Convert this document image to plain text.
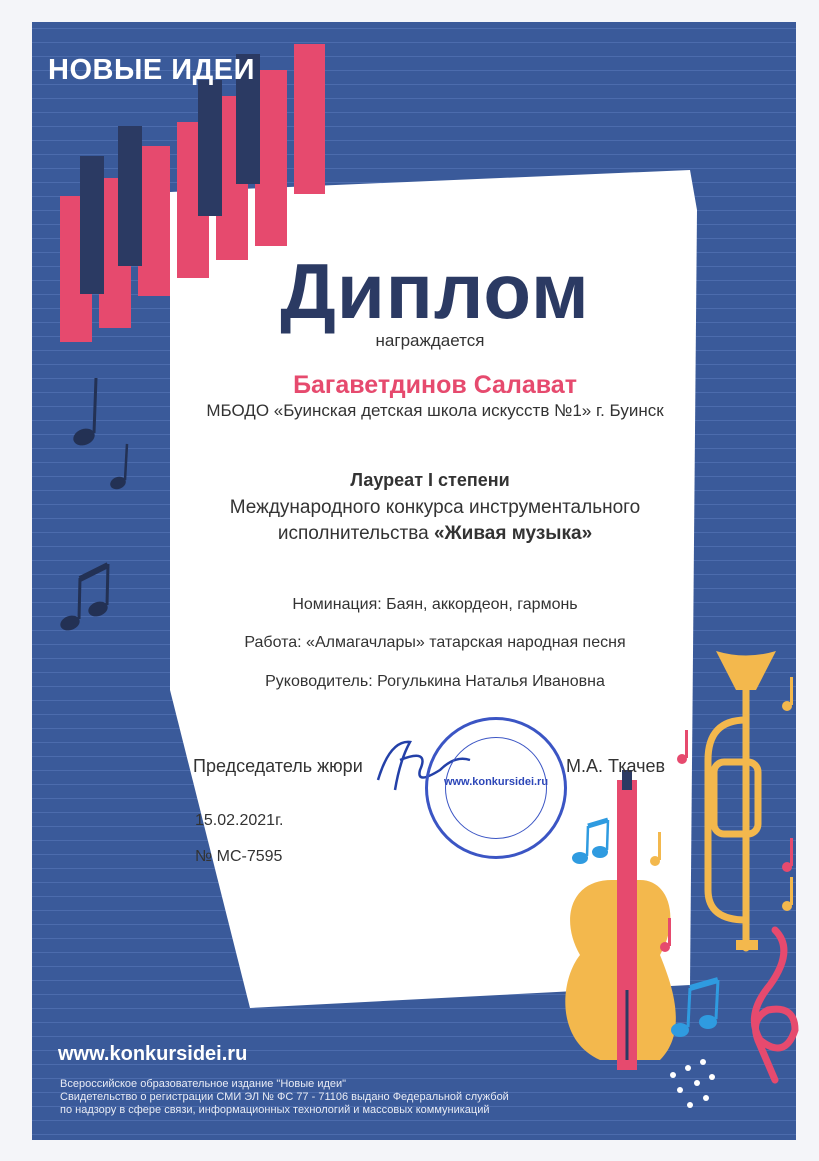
НОВЫЕ ИДЕИ

Диплом

награждается

Багаветдинов Салават

МБОДО «Буинская детская школа искусств №1» г. Буинск

Лауреат I степени

Международного конкурса инструментального

исполнительства «Живая музыка»

Номинация: Баян, аккордеон, гармонь

Работа: «Алмагачлары» татарская народная песня

Руководитель: Рогулькина Наталья Ивановна

www.konkursidei.ru

Председатель жюри	М.А. Ткачев

15.02.2021г.

№ МС-7595

www.konkursidei.ru

Всероссийское образовательное издание "Новые идеи"

Свидетельство о регистрации СМИ ЭЛ № ФС 77 - 71106 выдано Федеральной службой

по надзору в сфере связи, информационных технологий и массовых коммуникаций
